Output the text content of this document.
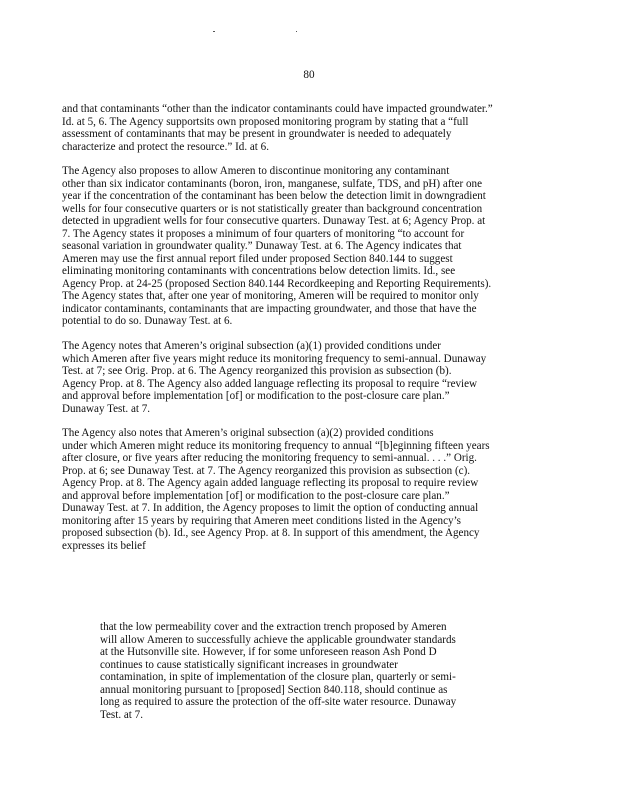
80
and that contaminants “other than the indicator contaminants could have impacted groundwater.”
Id. at 5, 6. The Agency supportsits own proposed monitoring program by stating that a “full
assessment of contaminants that may be present in groundwater is needed to adequately
characterize and protect the resource.” Id. at 6.
The Agency also proposes to allow Ameren to discontinue monitoring any contaminant
other than six indicator contaminants (boron, iron, manganese, sulfate, TDS, and pH) after one
year if the concentration of the contaminant has been below the detection limit in downgradient
wells for four consecutive quarters or is not statistically greater than background concentration
detected in upgradient wells for four consecutive quarters. Dunaway Test. at 6; Agency Prop. at
7. The Agency states it proposes a minimum of four quarters of monitoring “to account for
seasonal variation in groundwater quality.” Dunaway Test. at 6. The Agency indicates that
Ameren may use the first annual report filed under proposed Section 840.144 to suggest
eliminating monitoring contaminants with concentrations below detection limits. Id., see
Agency Prop. at 24-25 (proposed Section 840.144 Recordkeeping and Reporting Requirements).
The Agency states that, after one year of monitoring, Ameren will be required to monitor only
indicator contaminants, contaminants that are impacting groundwater, and those that have the
potential to do so. Dunaway Test. at 6.
The Agency notes that Ameren’s original subsection (a)(1) provided conditions under
which Ameren after five years might reduce its monitoring frequency to semi-annual. Dunaway
Test. at 7; see Orig. Prop. at 6. The Agency reorganized this provision as subsection (b).
Agency Prop. at 8. The Agency also added language reflecting its proposal to require “review
and approval before implementation [of] or modification to the post-closure care plan.”
Dunaway Test. at 7.
The Agency also notes that Ameren’s original subsection (a)(2) provided conditions
under which Ameren might reduce its monitoring frequency to annual “[b]eginning fifteen years
after closure, or five years after reducing the monitoring frequency to semi-annual. . . .” Orig.
Prop. at 6; see Dunaway Test. at 7. The Agency reorganized this provision as subsection (c).
Agency Prop. at 8. The Agency again added language reflecting its proposal to require review
and approval before implementation [of] or modification to the post-closure care plan.”
Dunaway Test. at 7. In addition, the Agency proposes to limit the option of conducting annual
monitoring after 15 years by requiring that Ameren meet conditions listed in the Agency’s
proposed subsection (b). Id., see Agency Prop. at 8. In support of this amendment, the Agency
expresses its belief
that the low permeability cover and the extraction trench proposed by Ameren
will allow Ameren to successfully achieve the applicable groundwater standards
at the Hutsonville site. However, if for some unforeseen reason Ash Pond D
continues to cause statistically significant increases in groundwater
contamination, in spite of implementation of the closure plan, quarterly or semi-
annual monitoring pursuant to [proposed] Section 840.118, should continue as
long as required to assure the protection of the off-site water resource. Dunaway
Test. at 7.
